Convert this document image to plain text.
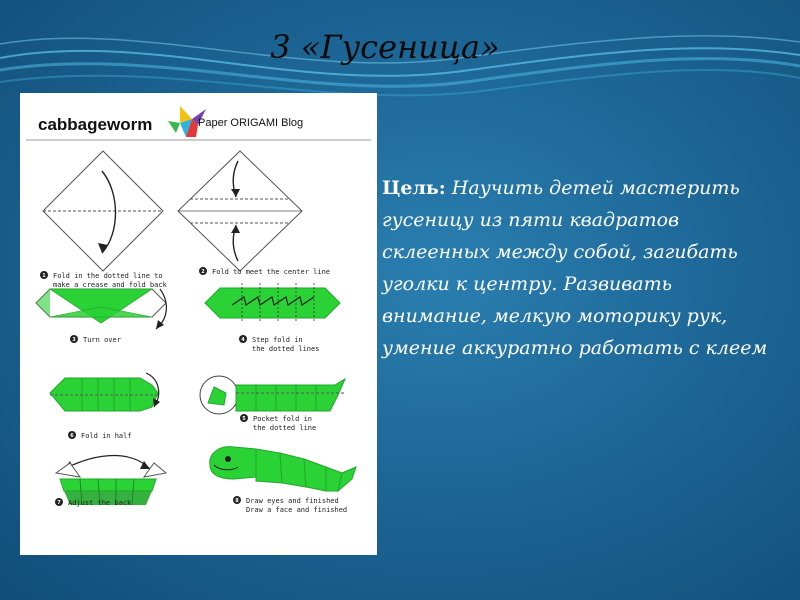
3 «Гусеница»
cabbageworm	Paper ORIGAMI Blog
Fold in the dotted line to
make a crease and fold back
Fold to meet the center line
Turn over	Step fold in
the dotted lines
Fold in half
Pocket fold in
the dotted line
Adjust the back	Draw eyes and finished
Draw a face and finished
1
2
3	4
5
6
7	8
Цель: Научить детей мастерить гусеницу из пяти квадратов склеенных между собой, загибать уголки к центру. Развивать внимание, мелкую моторику рук, умение аккуратно работать с клеем
